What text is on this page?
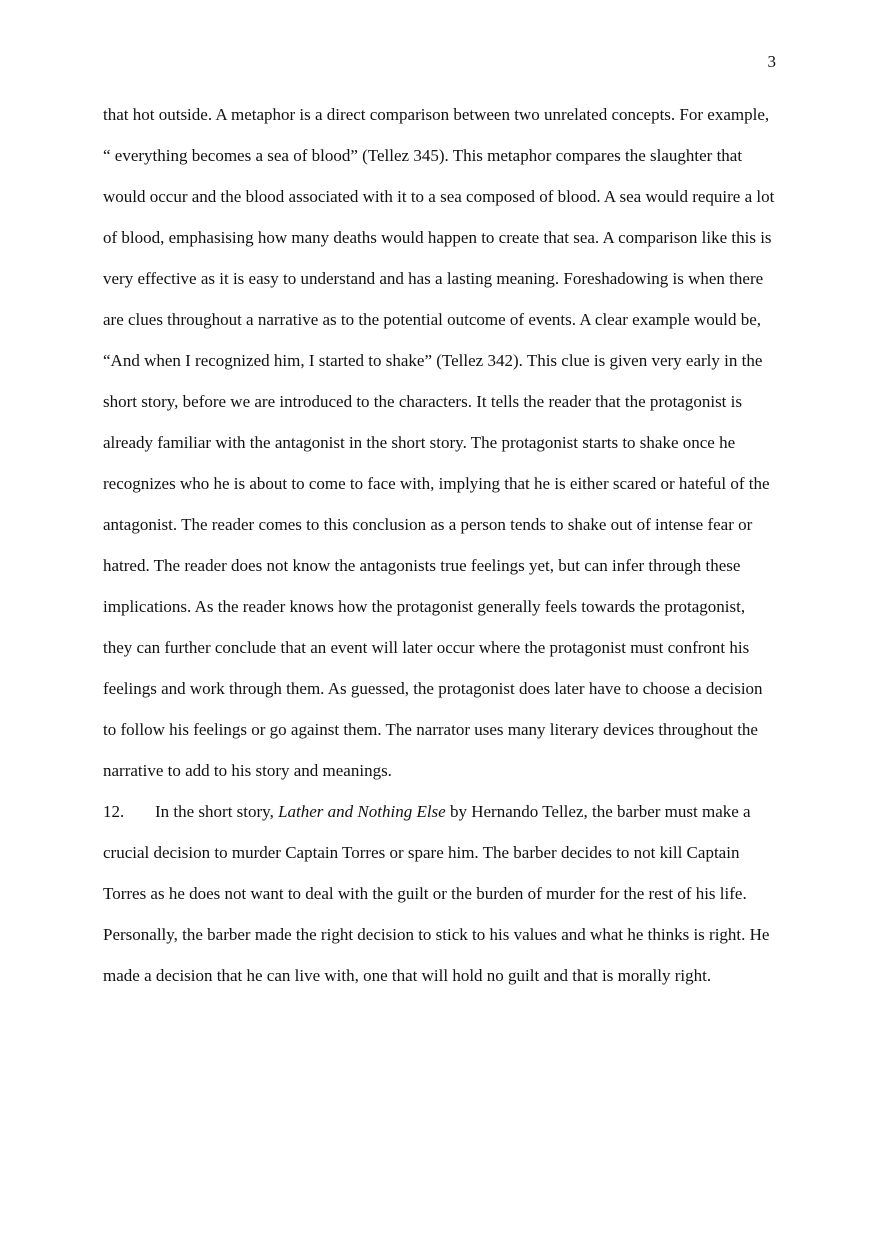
3

that hot outside. A metaphor is a direct comparison between two unrelated concepts. For example, “ everything becomes a sea of blood” (Tellez 345). This metaphor compares the slaughter that would occur and the blood associated with it to a sea composed of blood. A sea would require a lot of blood, emphasising how many deaths would happen to create that sea. A comparison like this is very effective as it is easy to understand and has a lasting meaning. Foreshadowing is when there are clues throughout a narrative as to the potential outcome of events. A clear example would be, “And when I recognized him, I started to shake” (Tellez 342). This clue is given very early in the short story, before we are introduced to the characters. It tells the reader that the protagonist is already familiar with the antagonist in the short story. The protagonist starts to shake once he recognizes who he is about to come to face with, implying that he is either scared or hateful of the antagonist. The reader comes to this conclusion as a person tends to shake out of intense fear or hatred. The reader does not know the antagonists true feelings yet, but can infer through these implications. As the reader knows how the protagonist generally feels towards the protagonist, they can further conclude that an event will later occur where the protagonist must confront his feelings and work through them. As guessed, the protagonist does later have to choose a decision to follow his feelings or go against them. The narrator uses many literary devices throughout the narrative to add to his story and meanings.

12. In the short story, Lather and Nothing Else by Hernando Tellez, the barber must make a crucial decision to murder Captain Torres or spare him. The barber decides to not kill Captain Torres as he does not want to deal with the guilt or the burden of murder for the rest of his life. Personally, the barber made the right decision to stick to his values and what he thinks is right. He made a decision that he can live with, one that will hold no guilt and that is morally right.
